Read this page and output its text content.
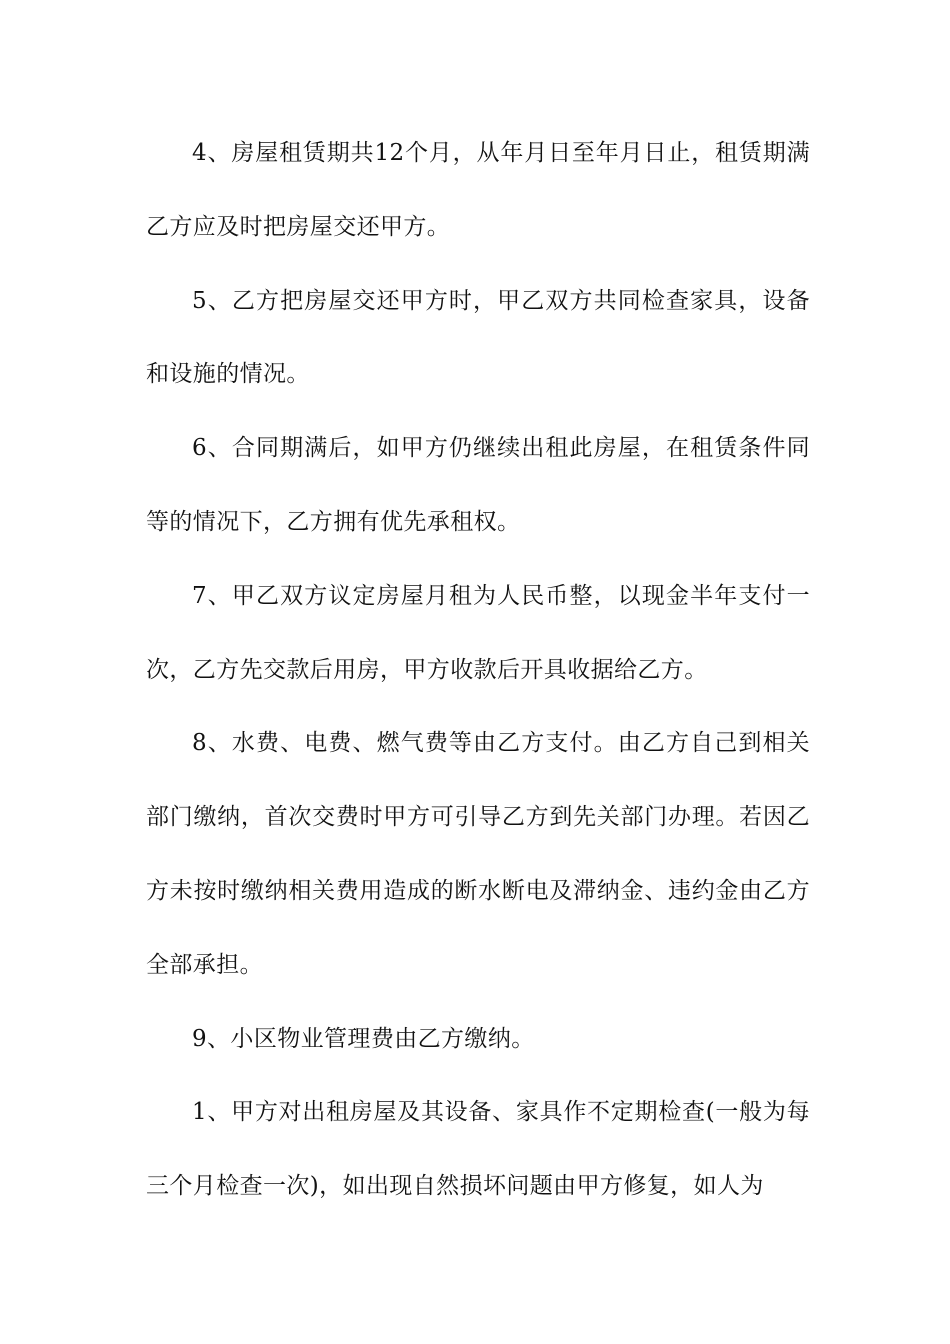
4、房屋租赁期共12个月，从年月日至年月日止，租赁期满乙方应及时把房屋交还甲方。

5、乙方把房屋交还甲方时，甲乙双方共同检查家具，设备和设施的情况。

6、合同期满后，如甲方仍继续出租此房屋，在租赁条件同等的情况下，乙方拥有优先承租权。

7、甲乙双方议定房屋月租为人民币整，以现金半年支付一次，乙方先交款后用房，甲方收款后开具收据给乙方。

8、水费、电费、燃气费等由乙方支付。由乙方自己到相关部门缴纳，首次交费时甲方可引导乙方到先关部门办理。若因乙方未按时缴纳相关费用造成的断水断电及滞纳金、违约金由乙方全部承担。

9、小区物业管理费由乙方缴纳。

1、甲方对出租房屋及其设备、家具作不定期检查(一般为每三个月检查一次)，如出现自然损坏问题由甲方修复，如人为
